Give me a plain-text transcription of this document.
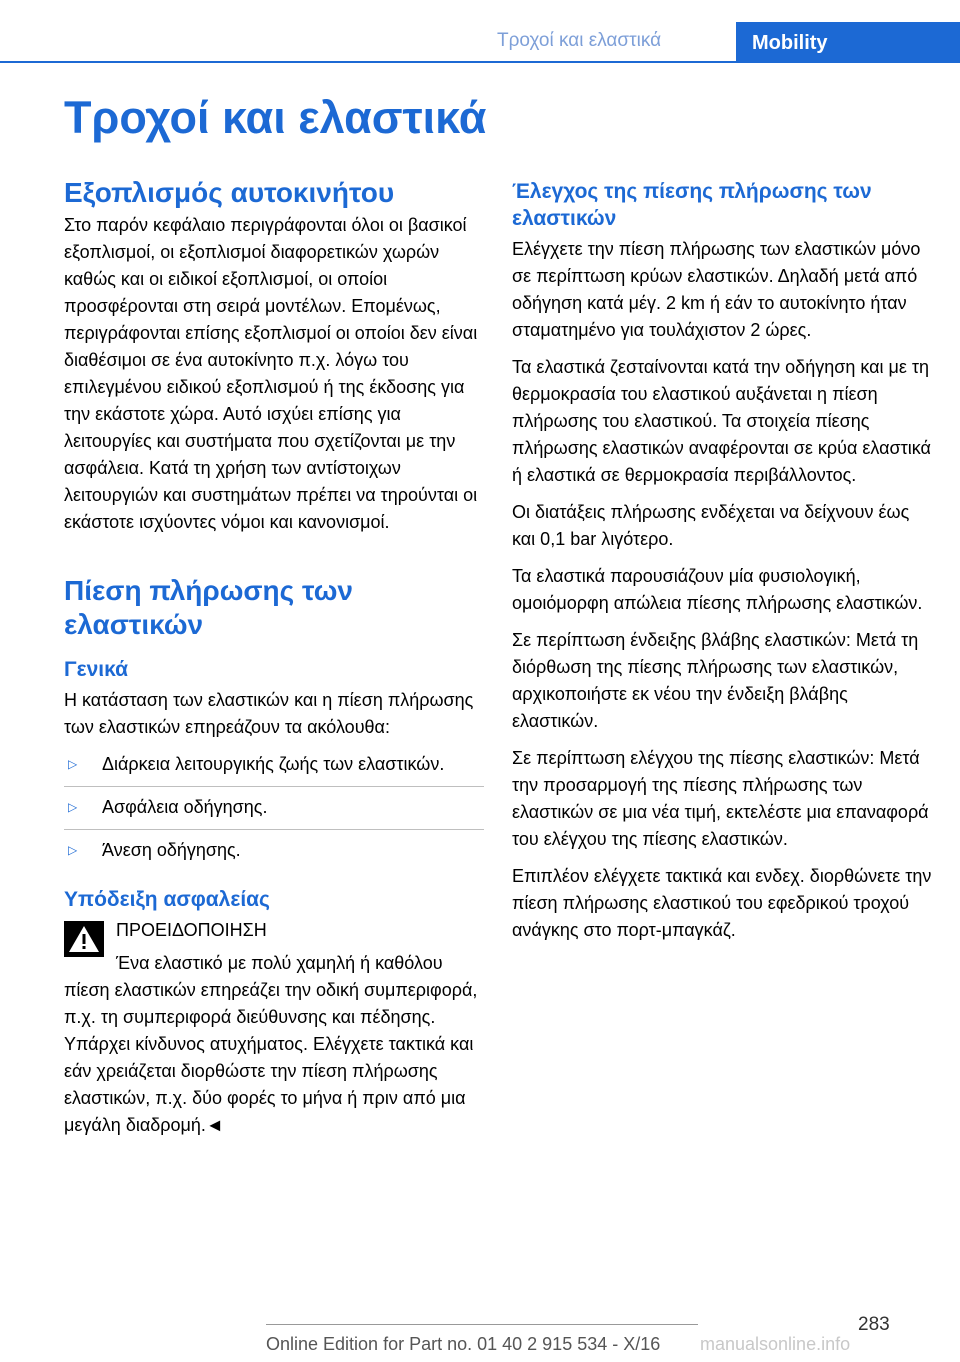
Τροχοί και ελαστικά	Mobility
Τροχοί και ελαστικά
Εξοπλισμός αυτοκινήτου

Στο παρόν κεφάλαιο περιγράφονται όλοι οι βασικοί εξοπλισμοί, οι εξοπλισμοί διαφορετικών χωρών καθώς και οι ειδικοί εξοπλισμοί, οι οποίοι προσφέρονται στη σειρά μοντέλων. Επομένως, περιγράφονται επίσης εξοπλισμοί οι οποίοι δεν είναι διαθέσιμοι σε ένα αυτοκίνητο π.χ. λόγω του επιλεγμένου ειδικού εξοπλισμού ή της έκδοσης για την εκάστοτε χώρα. Αυτό ισχύει επίσης για λειτουργίες και συστήματα που σχετίζονται με την ασφάλεια. Κατά τη χρήση των αντίστοιχων λειτουργιών και συστημάτων πρέπει να τηρούνται οι εκάστοτε ισχύοντες νόμοι και κανονισμοί.

Πίεση πλήρωσης των ελαστικών
Γενικά

Η κατάσταση των ελαστικών και η πίεση πλήρωσης των ελαστικών επηρεάζουν τα ακόλουθα:

▷ Διάρκεια λειτουργικής ζωής των ελαστικών.
▷ Ασφάλεια οδήγησης.
▷ Άνεση οδήγησης.
Υπόδειξη ασφαλείας

ΠΡΟΕΙΔΟΠΟΙΗΣΗ

Ένα ελαστικό με πολύ χαμηλή ή καθόλου πίεση ελαστικών επηρεάζει την οδική συμπεριφορά, π.χ. τη συμπεριφορά διεύθυνσης και πέδησης. Υπάρχει κίνδυνος ατυχήματος. Ελέγχετε τακτικά και εάν χρειάζεται διορθώστε την πίεση πλήρωσης ελαστικών, π.χ. δύο φορές το μήνα ή πριν από μια μεγάλη διαδρομή.◄

Έλεγχος της πίεσης πλήρωσης των ελαστικών

Ελέγχετε την πίεση πλήρωσης των ελαστικών μόνο σε περίπτωση κρύων ελαστικών. Δηλαδή μετά από οδήγηση κατά μέγ. 2 km ή εάν το αυτοκίνητο ήταν σταματημένο για τουλάχιστον 2 ώρες.

Τα ελαστικά ζεσταίνονται κατά την οδήγηση και με τη θερμοκρασία του ελαστικού αυξάνεται η πίεση πλήρωσης του ελαστικού. Τα στοιχεία πίεσης πλήρωσης ελαστικών αναφέρονται σε κρύα ελαστικά ή ελαστικά σε θερμοκρασία περιβάλλοντος.

Οι διατάξεις πλήρωσης ενδέχεται να δείχνουν έως και 0,1 bar λιγότερο.

Τα ελαστικά παρουσιάζουν μία φυσιολογική, ομοιόμορφη απώλεια πίεσης πλήρωσης ελαστικών.

Σε περίπτωση ένδειξης βλάβης ελαστικών: Μετά τη διόρθωση της πίεσης πλήρωσης των ελαστικών, αρχικοποιήστε εκ νέου την ένδειξη βλάβης ελαστικών.

Σε περίπτωση ελέγχου της πίεσης ελαστικών: Μετά την προσαρμογή της πίεσης πλήρωσης των ελαστικών σε μια νέα τιμή, εκτελέστε μια επαναφορά του ελέγχου της πίεσης ελαστικών.

Επιπλέον ελέγχετε τακτικά και ενδεχ. διορθώνετε την πίεση πλήρωσης ελαστικού του εφεδρικού τροχού ανάγκης στο πορτ-μπαγκάζ.

283
Online Edition for Part no. 01 40 2 915 534 - X/16 manualsonline.info
